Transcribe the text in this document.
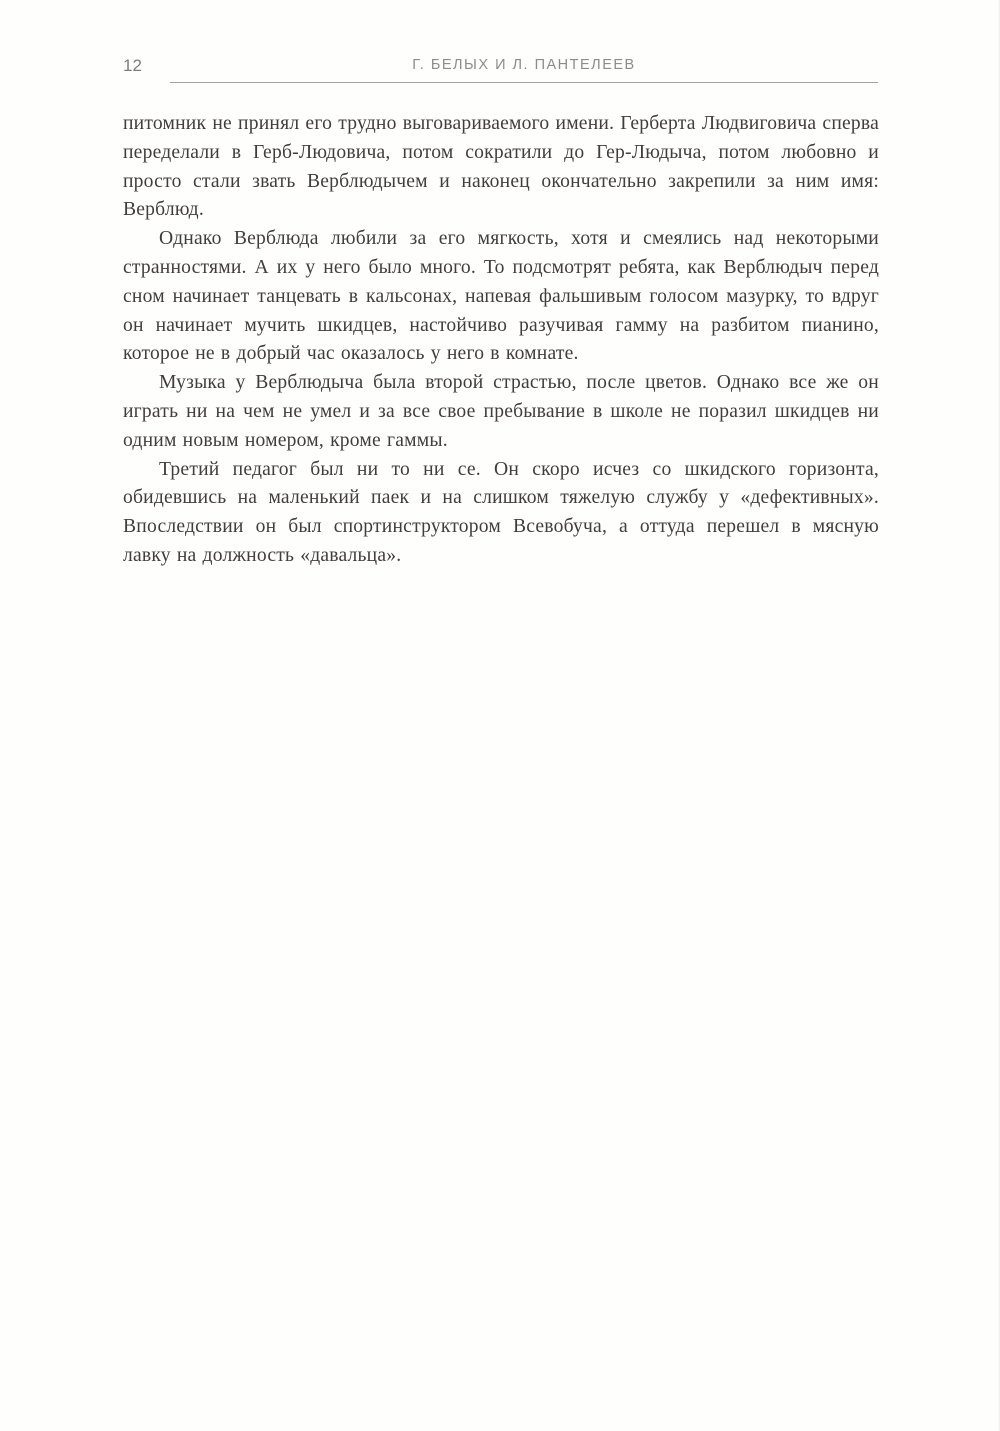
12	Г. БЕЛЫХ И Л. ПАНТЕЛЕЕВ

питомник не принял его трудно выговариваемого имени. Герберта Людвиговича сперва переделали в Герб-Людовича, потом сократили до Гер-Людыча, потом любовно и просто стали звать Верблюдычем и наконец окончательно закрепили за ним имя: Верблюд.

Однако Верблюда любили за его мягкость, хотя и смеялись над некоторыми странностями. А их у него было много. То подсмотрят ребята, как Верблюдыч перед сном начинает танцевать в кальсонах, напевая фальшивым голосом мазурку, то вдруг он начинает мучить шкидцев, настойчиво разучивая гамму на разбитом пианино, которое не в добрый час оказалось у него в комнате.

Музыка у Верблюдыча была второй страстью, после цветов. Однако все же он играть ни на чем не умел и за все свое пребывание в школе не поразил шкидцев ни одним новым номером, кроме гаммы.

Третий педагог был ни то ни се. Он скоро исчез со шкидского горизонта, обидевшись на маленький паек и на слишком тяжелую службу у «дефективных». Впоследствии он был спортинструктором Всевобуча, а оттуда перешел в мясную лавку на должность «давальца».
